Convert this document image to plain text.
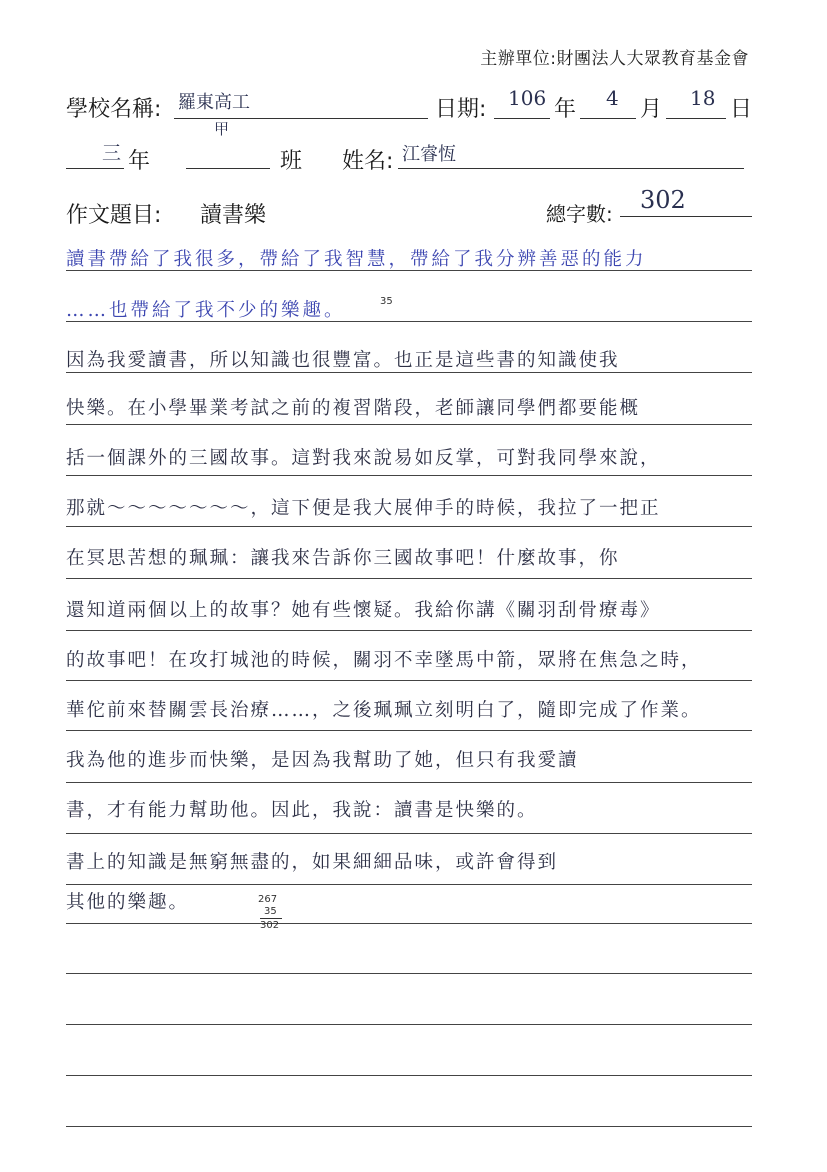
主辦單位:財團法人大眾教育基金會
學校名稱: 羅東高工	日期: 106 年 4 月 18 日
三 年
甲
班 姓名: 江睿恆
作文題目: 讀書樂	總字數: 302
讀書帶給了我很多，帶給了我智慧，帶給了我分辨善惡的能力
……也帶給了我不少的樂趣。
因為我愛讀書，所以知識也很豐富。也正是這些書的知識使我
快樂。在小學畢業考試之前的複習階段，老師讓同學們都要能概
括一個課外的三國故事。這對我來說易如反掌，可對我同學來說，
那就～～～～～～～，這下便是我大展伸手的時候，我拉了一把正
在冥思苦想的珮珮：讓我來告訴你三國故事吧！什麼故事，你
還知道兩個以上的故事？她有些懷疑。我給你講《關羽刮骨療毒》
的故事吧！在攻打城池的時候，關羽不幸墜馬中箭，眾將在焦急之時，
華佗前來替關雲長治療……，之後珮珮立刻明白了，隨即完成了作業。
我為他的進步而快樂，是因為我幫助了她，但只有我愛讀
書，才有能力幫助他。因此，我說：讀書是快樂的。
書上的知識是無窮無盡的，如果細細品味，或許會得到
其他的樂趣。
35
267
35
302
